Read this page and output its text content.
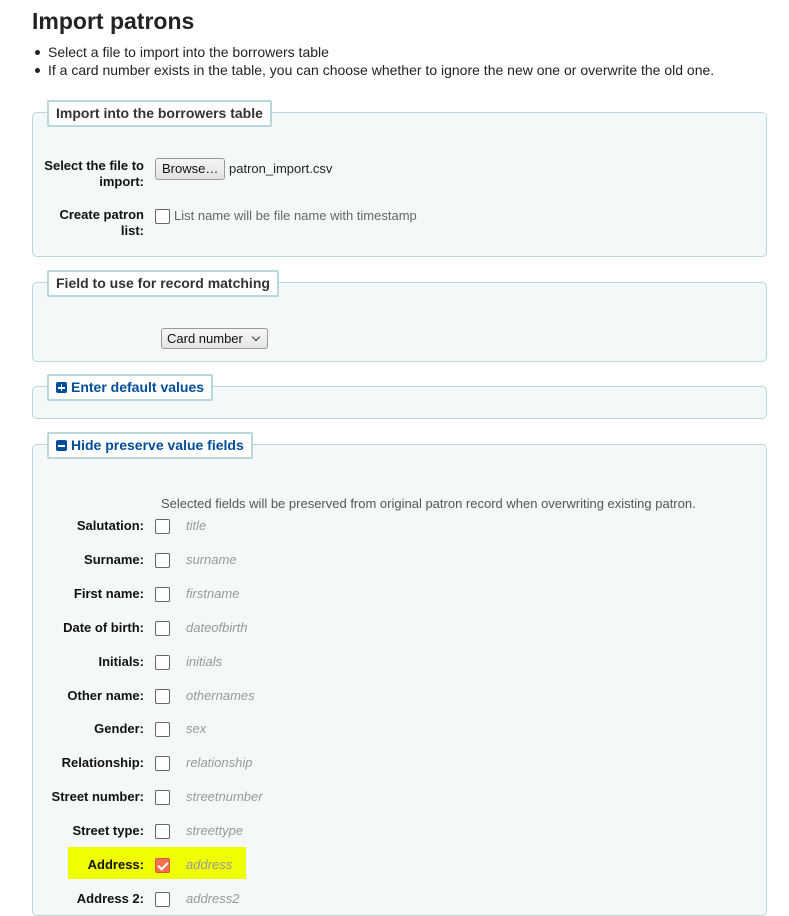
Import patrons
Select a file to import into the borrowers table
If a card number exists in the table, you can choose whether to ignore the new one or overwrite the old one.
Import into the borrowers table
Select the file to
import:
Browse… patron_import.csv
Create patron
list:
List name will be file name with timestamp
Field to use for record matching
Card number
Enter default values
Hide preserve value fields
Selected fields will be preserved from original patron record when overwriting existing patron.
Salutation:	title
Surname:	surname
First name:	firstname
Date of birth:	dateofbirth
Initials:	initials
Other name:	othernames
Gender:	sex
Relationship:	relationship
Street number:	streetnumber
Street type:	streettype
Address:	address
Address 2:	address2
